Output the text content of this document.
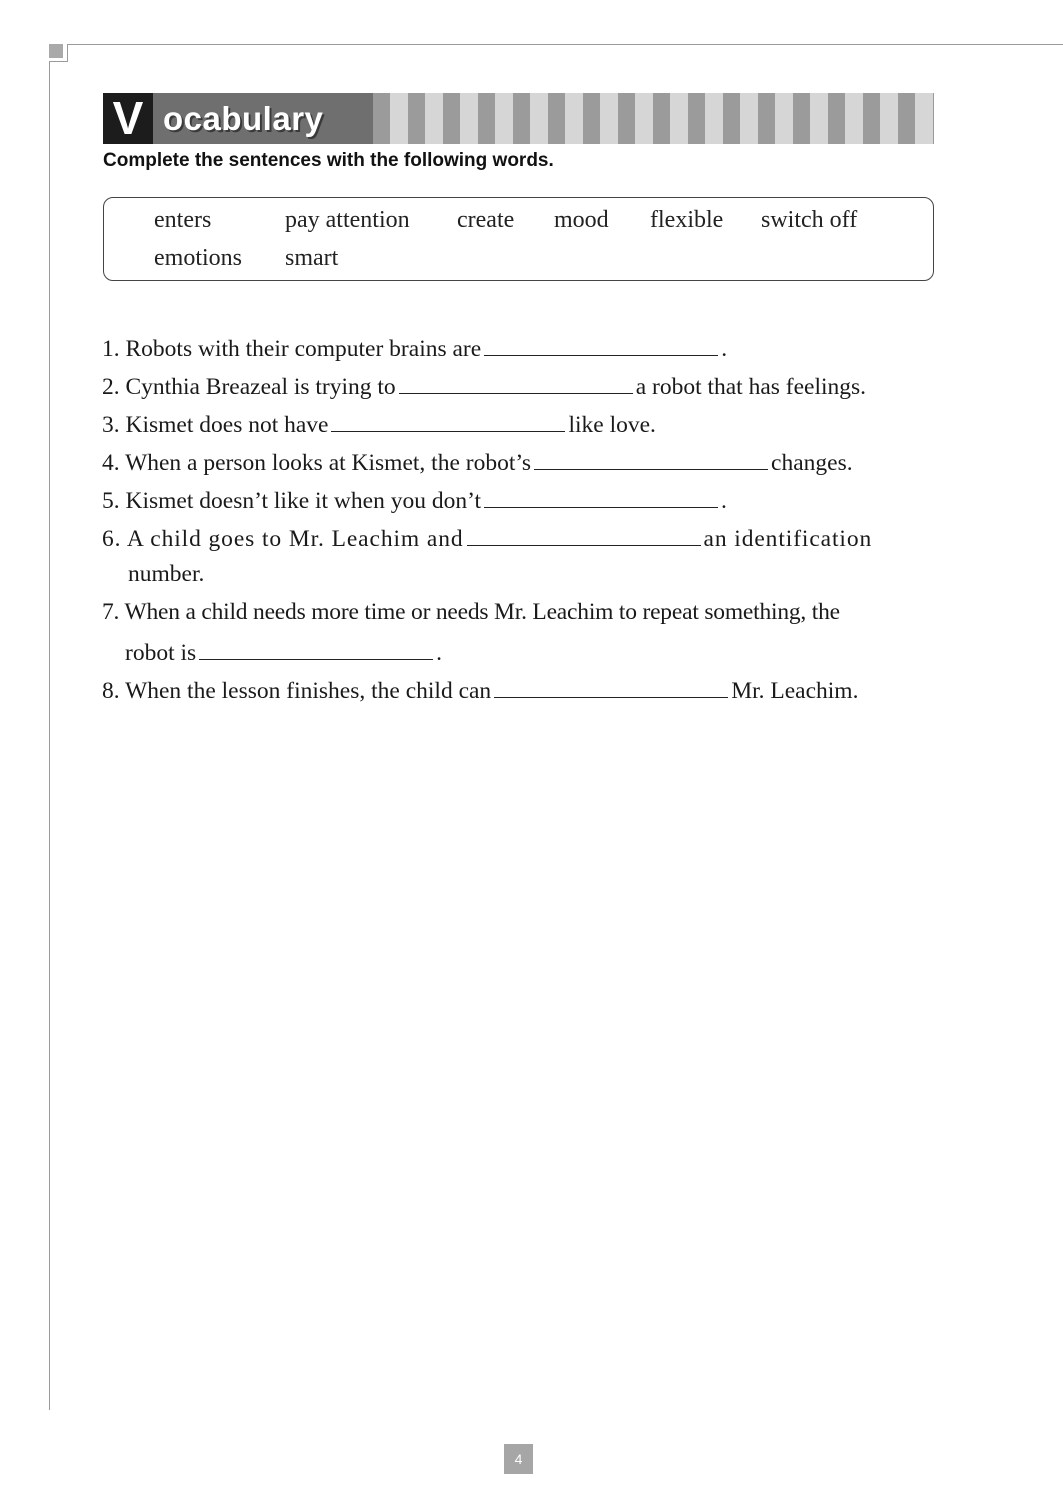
V ocabulary
Complete the sentences with the following words.
enters	pay attention create mood flexible switch off
emotions smart
1. Robots with their computer brains are	.
2. Cynthia Breazeal is trying to	a robot that has feelings.
3. Kismet does not have	like love.
4. When a person looks at Kismet, the robot’s	changes.
5. Kismet doesn’t like it when you don’t	.
6. A child goes to Mr. Leachim and	an identification
number.
7. When a child needs more time or needs Mr. Leachim to repeat something, the
robot is	.
8. When the lesson finishes, the child can	Mr. Leachim.
4
